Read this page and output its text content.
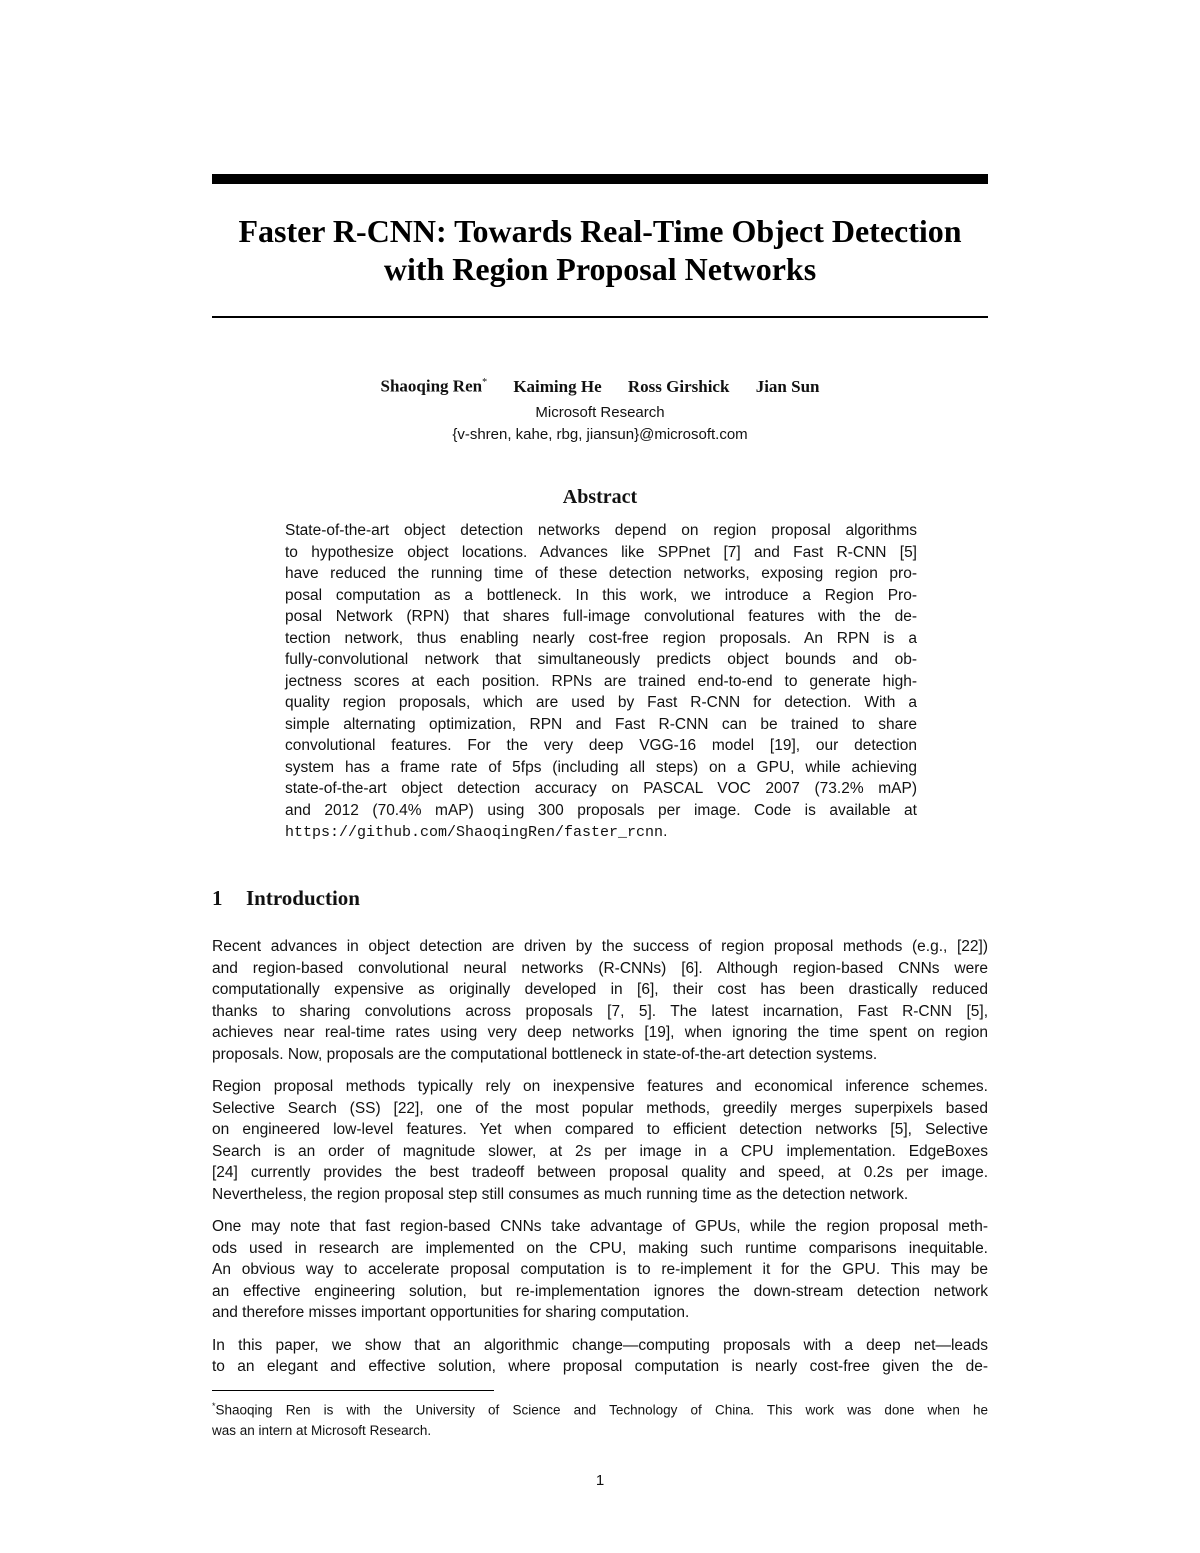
Faster R-CNN: Towards Real-Time Object Detection
with Region Proposal Networks
Shaoqing Ren* Kaiming He Ross Girshick Jian Sun
Microsoft Research
{v-shren, kahe, rbg, jiansun}@microsoft.com
Abstract
State-of-the-art object detection networks depend on region proposal algorithms
to hypothesize object locations. Advances like SPPnet [7] and Fast R-CNN [5]
have reduced the running time of these detection networks, exposing region pro-
posal computation as a bottleneck. In this work, we introduce a Region Pro-
posal Network (RPN) that shares full-image convolutional features with the de-
tection network, thus enabling nearly cost-free region proposals. An RPN is a
fully-convolutional network that simultaneously predicts object bounds and ob-
jectness scores at each position. RPNs are trained end-to-end to generate high-
quality region proposals, which are used by Fast R-CNN for detection. With a
simple alternating optimization, RPN and Fast R-CNN can be trained to share
convolutional features. For the very deep VGG-16 model [19], our detection
system has a frame rate of 5fps (including all steps) on a GPU, while achieving
state-of-the-art object detection accuracy on PASCAL VOC 2007 (73.2% mAP)
and 2012 (70.4% mAP) using 300 proposals per image. Code is available at
https://github.com/ShaoqingRen/faster_rcnn.
1 Introduction
Recent advances in object detection are driven by the success of region proposal methods (e.g., [22])
and region-based convolutional neural networks (R-CNNs) [6]. Although region-based CNNs were
computationally expensive as originally developed in [6], their cost has been drastically reduced
thanks to sharing convolutions across proposals [7, 5]. The latest incarnation, Fast R-CNN [5],
achieves near real-time rates using very deep networks [19], when ignoring the time spent on region
proposals. Now, proposals are the computational bottleneck in state-of-the-art detection systems.
Region proposal methods typically rely on inexpensive features and economical inference schemes.
Selective Search (SS) [22], one of the most popular methods, greedily merges superpixels based
on engineered low-level features. Yet when compared to efficient detection networks [5], Selective
Search is an order of magnitude slower, at 2s per image in a CPU implementation. EdgeBoxes
[24] currently provides the best tradeoff between proposal quality and speed, at 0.2s per image.
Nevertheless, the region proposal step still consumes as much running time as the detection network.
One may note that fast region-based CNNs take advantage of GPUs, while the region proposal meth-
ods used in research are implemented on the CPU, making such runtime comparisons inequitable.
An obvious way to accelerate proposal computation is to re-implement it for the GPU. This may be
an effective engineering solution, but re-implementation ignores the down-stream detection network
and therefore misses important opportunities for sharing computation.
In this paper, we show that an algorithmic change—computing proposals with a deep net—leads
to an elegant and effective solution, where proposal computation is nearly cost-free given the de-
*Shaoqing Ren is with the University of Science and Technology of China. This work was done when he
was an intern at Microsoft Research.
1
